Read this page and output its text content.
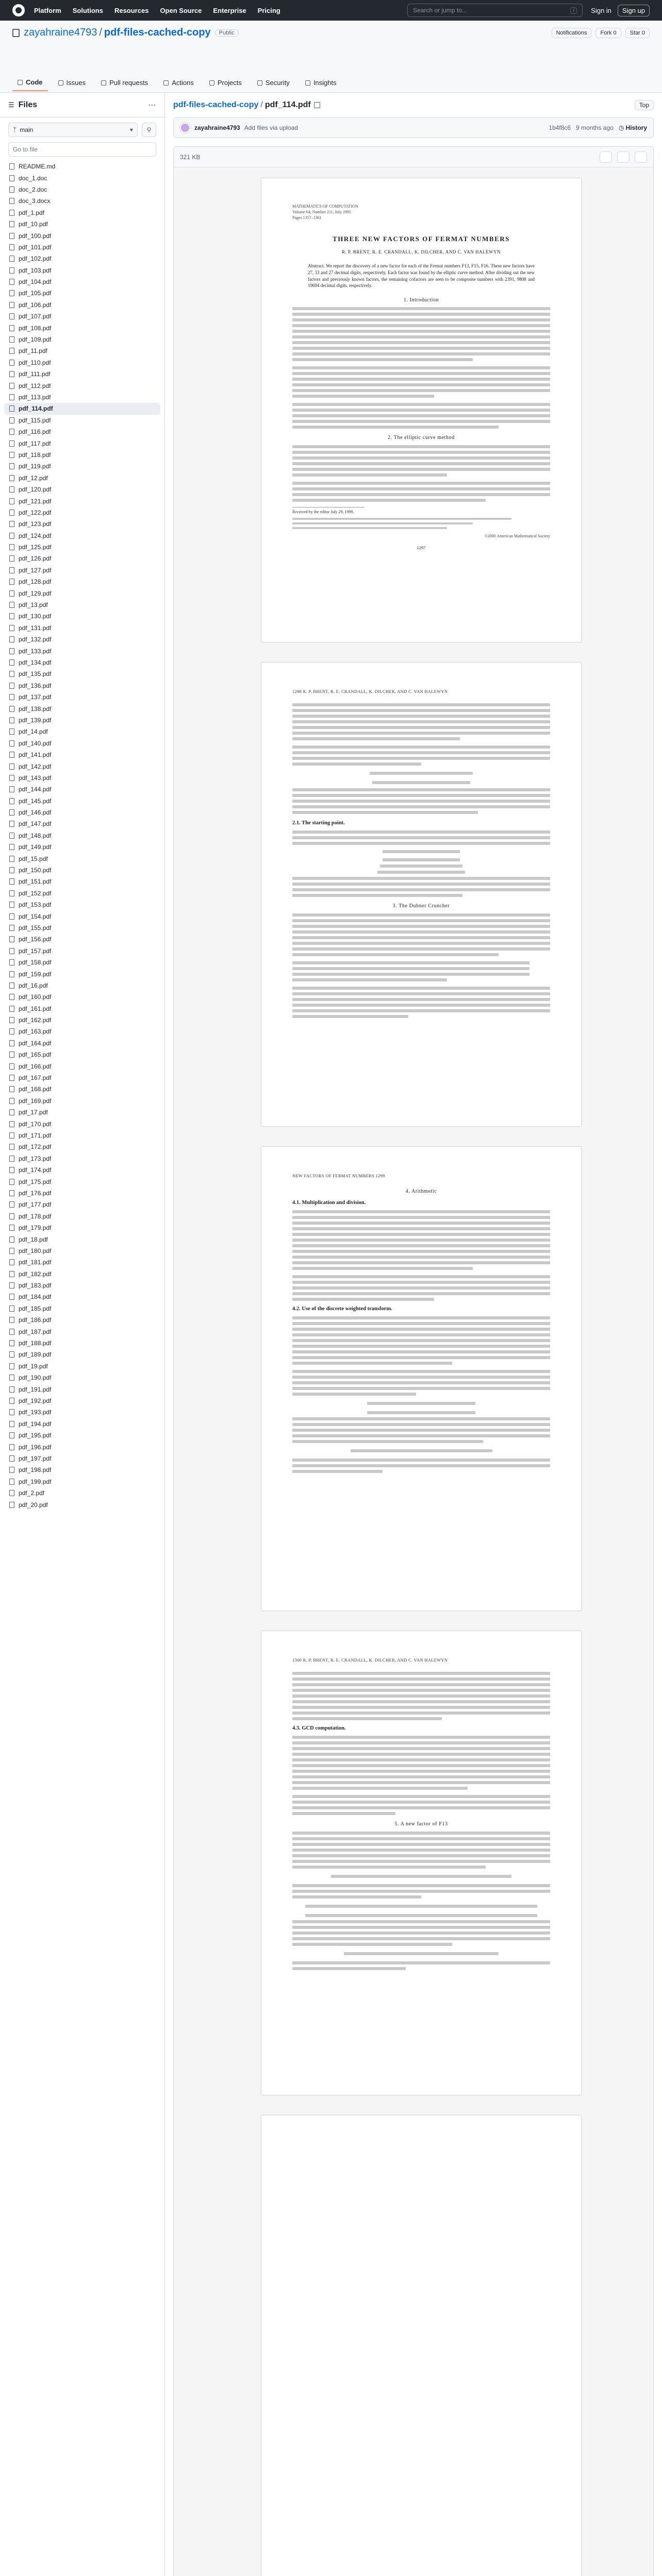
Platform Solutions Resources Open Source Enterprise Pricing	Search or jump to...	/	Sign in	Sign up
zayahraine4793 / pdf-files-cached-copy	Public	Notifications	Fork 0	Star 0
Code	Issues	Pull requests	Actions	Projects	Security	Insights
☰ Files	⋯
ᛉ main	▾	⚲
Go to file
README.md
doc_1.doc
doc_2.doc
doc_3.docx
pdf_1.pdf
pdf_10.pdf
pdf_100.pdf
pdf_101.pdf
pdf_102.pdf
pdf_103.pdf
pdf_104.pdf
pdf_105.pdf
pdf_106.pdf
pdf_107.pdf
pdf_108.pdf
pdf_109.pdf
pdf_11.pdf
pdf_110.pdf
pdf_111.pdf
pdf_112.pdf
pdf_113.pdf
pdf_114.pdf
pdf_115.pdf
pdf_116.pdf
pdf_117.pdf
pdf_118.pdf
pdf_119.pdf
pdf_12.pdf
pdf_120.pdf
pdf_121.pdf
pdf_122.pdf
pdf_123.pdf
pdf_124.pdf
pdf_125.pdf
pdf_126.pdf
pdf_127.pdf
pdf_128.pdf
pdf_129.pdf
pdf_13.pdf
pdf_130.pdf
pdf_131.pdf
pdf_132.pdf
pdf_133.pdf
pdf_134.pdf
pdf_135.pdf
pdf_136.pdf
pdf_137.pdf
pdf_138.pdf
pdf_139.pdf
pdf_14.pdf
pdf_140.pdf
pdf_141.pdf
pdf_142.pdf
pdf_143.pdf
pdf_144.pdf
pdf_145.pdf
pdf_146.pdf
pdf_147.pdf
pdf_148.pdf
pdf_149.pdf
pdf_15.pdf
pdf_150.pdf
pdf_151.pdf
pdf_152.pdf
pdf_153.pdf
pdf_154.pdf
pdf_155.pdf
pdf_156.pdf
pdf_157.pdf
pdf_158.pdf
pdf_159.pdf
pdf_16.pdf
pdf_160.pdf
pdf_161.pdf
pdf_162.pdf
pdf_163.pdf
pdf_164.pdf
pdf_165.pdf
pdf_166.pdf
pdf_167.pdf
pdf_168.pdf
pdf_169.pdf
pdf_17.pdf
pdf_170.pdf
pdf_171.pdf
pdf_172.pdf
pdf_173.pdf
pdf_174.pdf
pdf_175.pdf
pdf_176.pdf
pdf_177.pdf
pdf_178.pdf
pdf_179.pdf
pdf_18.pdf
pdf_180.pdf
pdf_181.pdf
pdf_182.pdf
pdf_183.pdf
pdf_184.pdf
pdf_185.pdf
pdf_186.pdf
pdf_187.pdf
pdf_188.pdf
pdf_189.pdf
pdf_19.pdf
pdf_190.pdf
pdf_191.pdf
pdf_192.pdf
pdf_193.pdf
pdf_194.pdf
pdf_195.pdf
pdf_196.pdf
pdf_197.pdf
pdf_198.pdf
pdf_199.pdf
pdf_2.pdf
pdf_20.pdf
pdf-files-cached-copy / pdf_114.pdf	Top
zayahraine4793 Add files via upload	1b4f8c6 9 months ago ◷ History
321 KB
MATHEMATICS OF COMPUTATION
Volume 64, Number 211, July 1995
Pages 1357–1361
THREE NEW FACTORS OF FERMAT NUMBERS
R. P. BRENT, R. E. CRANDALL, K. DILCHER, AND C. VAN HALEWYN
Abstract. We report the discovery of a new factor for each of the Fermat numbers F13, F15, F16. These new factors have 27, 33 and 27 decimal digits, respectively. Each factor was found by the elliptic curve method. After dividing out the new factors and previously known factors, the remaining cofactors are seen to be composite numbers with 2391, 9808 and 19694 decimal digits, respectively.
1. Introduction
2. The elliptic curve method
Received by the editor July 29, 1999.
©2000 American Mathematical Society
1297
1298 R. P. BRENT, R. E. CRANDALL, K. DILCHER, AND C. VAN HALEWYN
2.1. The starting point.
3. The Dubner Cruncher
NEW FACTORS OF FERMAT NUMBERS 1299
4. Arithmetic
4.1. Multiplication and division.
4.2. Use of the discrete weighted transform.
1300 R. P. BRENT, R. E. CRANDALL, K. DILCHER, AND C. VAN HALEWYN
4.3. GCD computation.
5. A new factor of F13
